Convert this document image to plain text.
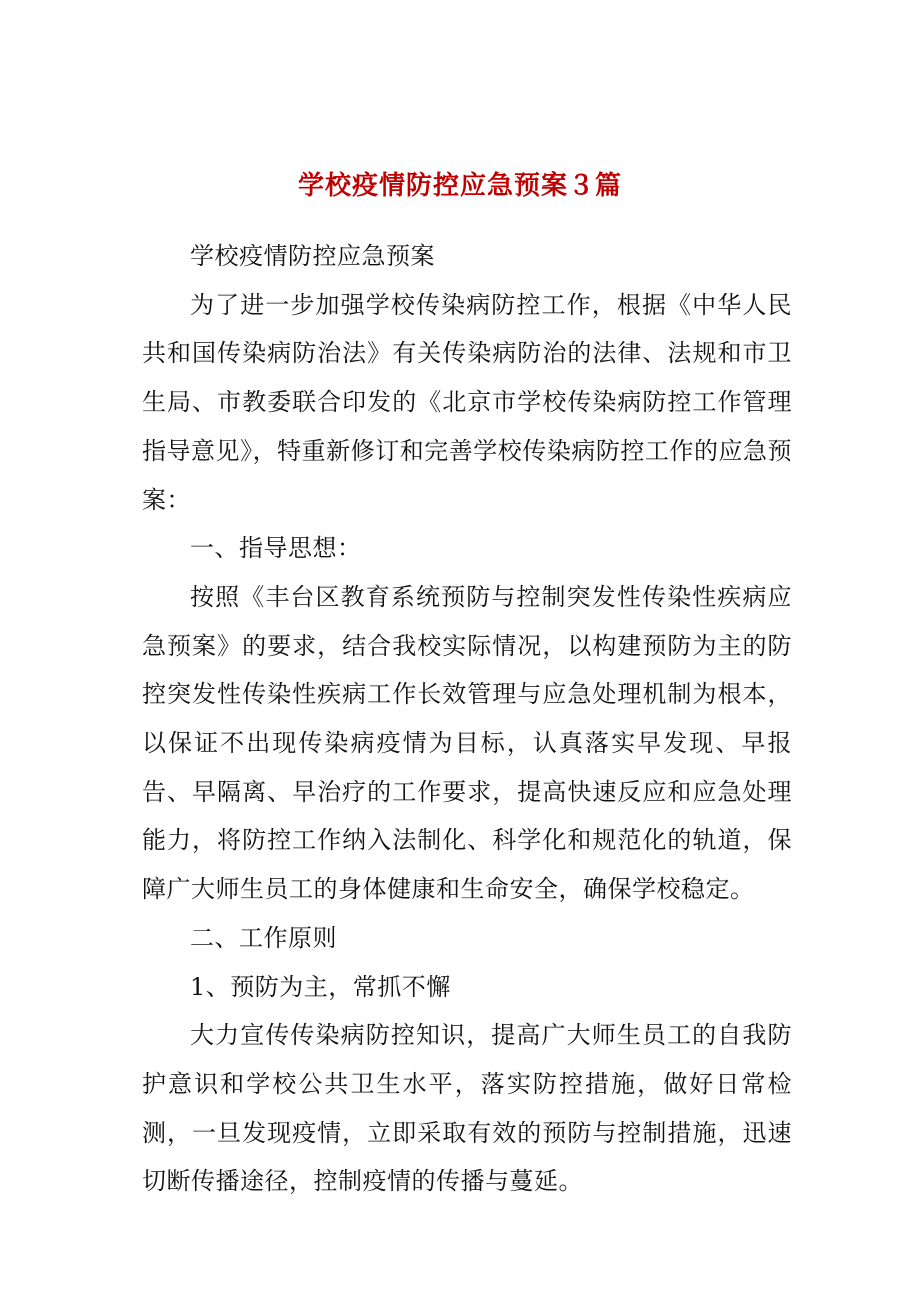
学校疫情防控应急预案３篇

学校疫情防控应急预案

为了进一步加强学校传染病防控工作，根据《中华人民共和国传染病防治法》有关传染病防治的法律、法规和市卫生局、市教委联合印发的《北京市学校传染病防控工作管理指导意见》，特重新修订和完善学校传染病防控工作的应急预案：

一、指导思想：

按照《丰台区教育系统预防与控制突发性传染性疾病应急预案》的要求，结合我校实际情况，以构建预防为主的防控突发性传染性疾病工作长效管理与应急处理机制为根本，以保证不出现传染病疫情为目标，认真落实早发现、早报告、早隔离、早治疗的工作要求，提高快速反应和应急处理能力，将防控工作纳入法制化、科学化和规范化的轨道，保障广大师生员工的身体健康和生命安全，确保学校稳定。

二、工作原则

1、预防为主，常抓不懈

大力宣传传染病防控知识，提高广大师生员工的自我防护意识和学校公共卫生水平，落实防控措施，做好日常检测，一旦发现疫情，立即采取有效的预防与控制措施，迅速切断传播途径，控制疫情的传播与蔓延。
